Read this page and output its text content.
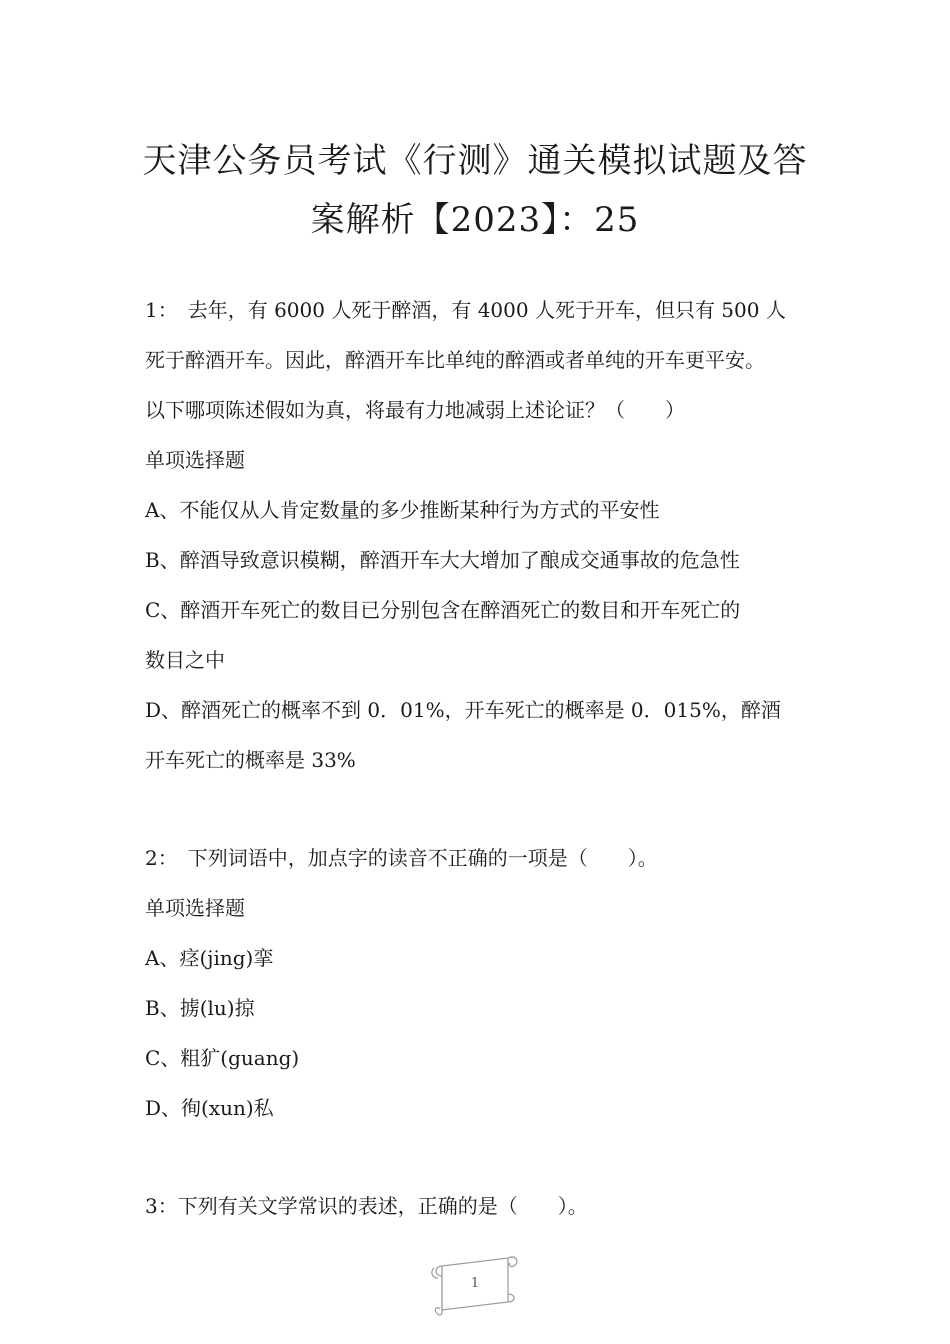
天津公务员考试《行测》通关模拟试题及答
案解析【2023】：25

1：　去年，有 6000 人死于醉酒，有 4000 人死于开车，但只有 500 人

死于醉酒开车。因此，醉酒开车比单纯的醉酒或者单纯的开车更平安。

以下哪项陈述假如为真，将最有力地减弱上述论证？（　　）

单项选择题

A、不能仅从人肯定数量的多少推断某种行为方式的平安性

B、醉酒导致意识模糊，醉酒开车大大增加了酿成交通事故的危急性

C、醉酒开车死亡的数目已分别包含在醉酒死亡的数目和开车死亡的

数目之中

D、醉酒死亡的概率不到 0．01%，开车死亡的概率是 0．015%，醉酒

开车死亡的概率是 33%

2：　下列词语中，加点字的读音不正确的一项是（　　）。

单项选择题

A、痉(jing)挛

B、掳(lu)掠

C、粗犷(guang)

D、徇(xun)私

3：下列有关文学常识的表述，正确的是（　　）。

1
